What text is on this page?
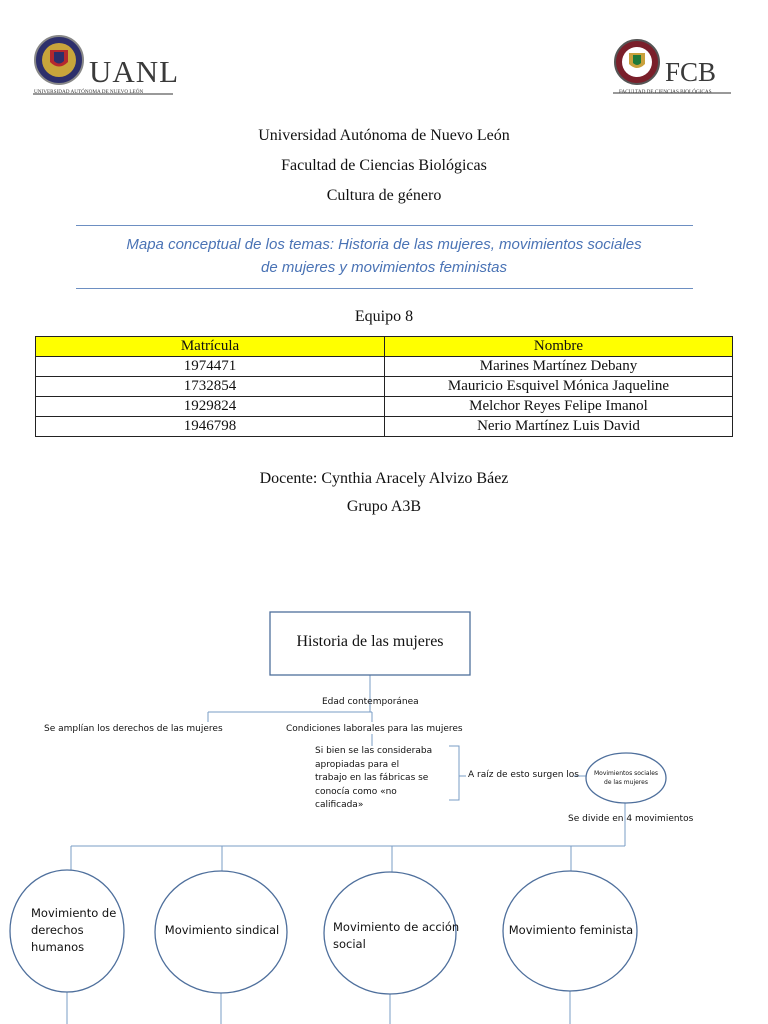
UANL
UNIVERSIDAD AUTÓNOMA DE NUEVO LEÓN
FCB
FACULTAD DE CIENCIAS BIOLÓGICAS
Universidad Autónoma de Nuevo León
Facultad de Ciencias Biológicas
Cultura de género
Mapa conceptual de los temas: Historia de las mujeres, movimientos sociales
de mujeres y movimientos feministas
Equipo 8
Matrícula	Nombre
1974471	Marines Martínez Debany
1732854	Mauricio Esquivel Mónica Jaqueline
1929824	Melchor Reyes Felipe Imanol
1946798	Nerio Martínez Luis David
Docente: Cynthia Aracely Alvizo Báez
Grupo A3B
Historia de las mujeres
Edad contemporánea
Se amplían los derechos de las mujeres	Condiciones laborales para las mujeres
Si bien se las consideraba
apropiadas para el
trabajo en las fábricas se
conocía como «no
calificada»
A raíz de esto surgen los	Movimientos sociales
de las mujeres
Se divide en 4 movimientos
Movimiento de
derechos
humanos
Movimiento sindical	Movimiento de acción
social
Movimiento feminista
